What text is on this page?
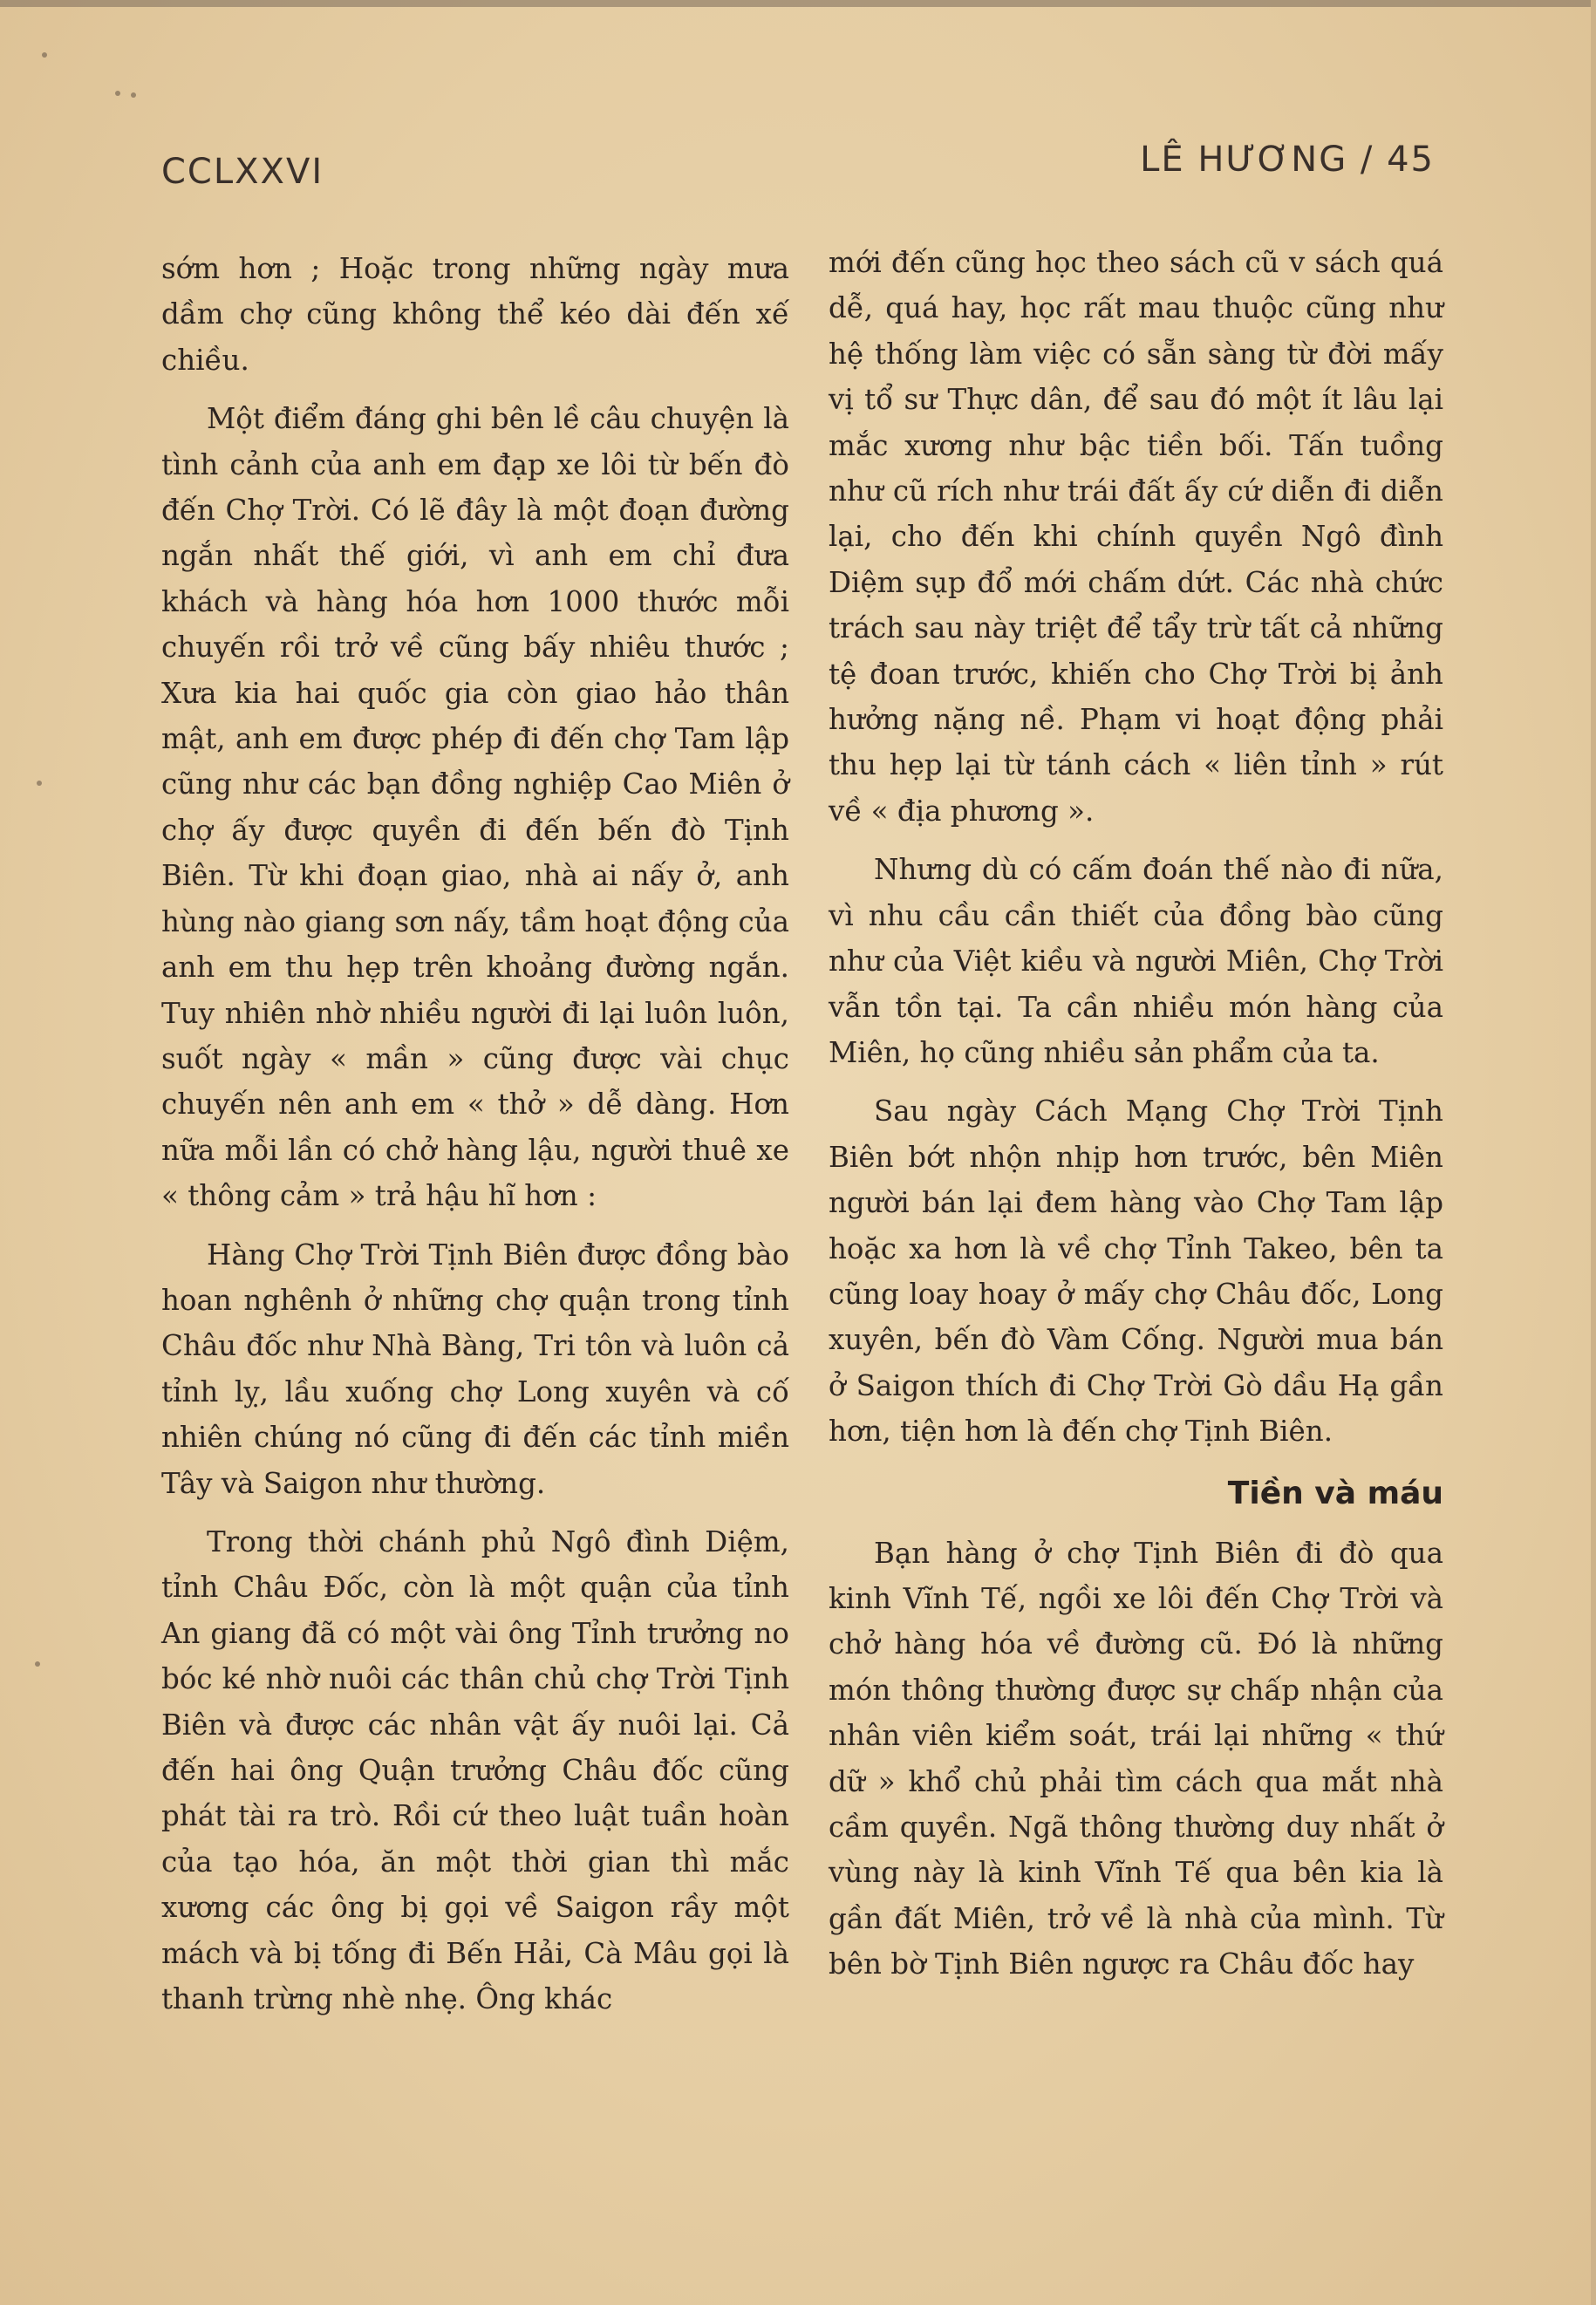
CCLXXVI	LÊ HƯƠNG / 45

sớm hơn ; Hoặc trong những ngày mưa dầm chợ cũng không thể kéo dài đến xế chiều.

Một điểm đáng ghi bên lề câu chuyện là tình cảnh của anh em đạp xe lôi từ bến đò đến Chợ Trời. Có lẽ đây là một đoạn đường ngắn nhất thế giới, vì anh em chỉ đưa khách và hàng hóa hơn 1000 thước mỗi chuyến rồi trở về cũng bấy nhiêu thước ; Xưa kia hai quốc gia còn giao hảo thân mật, anh em được phép đi đến chợ Tam lập cũng như các bạn đồng nghiệp Cao Miên ở chợ ấy được quyền đi đến bến đò Tịnh Biên. Từ khi đoạn giao, nhà ai nấy ở, anh hùng nào giang sơn nấy, tầm hoạt động của anh em thu hẹp trên khoảng đường ngắn. Tuy nhiên nhờ nhiều người đi lại luôn luôn, suốt ngày « mần » cũng được vài chục chuyến nên anh em « thở » dễ dàng. Hơn nữa mỗi lần có chở hàng lậu, người thuê xe « thông cảm » trả hậu hĩ hơn :

Hàng Chợ Trời Tịnh Biên được đồng bào hoan nghênh ở những chợ quận trong tỉnh Châu đốc như Nhà Bàng, Tri tôn và luôn cả tỉnh lỵ, lầu xuống chợ Long xuyên và cố nhiên chúng nó cũng đi đến các tỉnh miền Tây và Saigon như thường.

Trong thời chánh phủ Ngô đình Diệm, tỉnh Châu Đốc, còn là một quận của tỉnh An giang đã có một vài ông Tỉnh trưởng no bóc ké nhờ nuôi các thân chủ chợ Trời Tịnh Biên và được các nhân vật ấy nuôi lại. Cả đến hai ông Quận trưởng Châu đốc cũng phát tài ra trò. Rồi cứ theo luật tuần hoàn của tạo hóa, ăn một thời gian thì mắc xương các ông bị gọi về Saigon rầy một mách và bị tống đi Bến Hải, Cà Mâu gọi là thanh trừng nhè nhẹ. Ông khác

mới đến cũng học theo sách cũ v sách quá dễ, quá hay, học rất mau thuộc cũng như hệ thống làm việc có sẵn sàng từ đời mấy vị tổ sư Thực dân, để sau đó một ít lâu lại mắc xương như bậc tiền bối. Tấn tuồng như cũ rích như trái đất ấy cứ diễn đi diễn lại, cho đến khi chính quyền Ngô đình Diệm sụp đổ mới chấm dứt. Các nhà chức trách sau này triệt để tẩy trừ tất cả những tệ đoan trước, khiến cho Chợ Trời bị ảnh hưởng nặng nề. Phạm vi hoạt động phải thu hẹp lại từ tánh cách « liên tỉnh » rút về « địa phương ».

Nhưng dù có cấm đoán thế nào đi nữa, vì nhu cầu cần thiết của đồng bào cũng như của Việt kiều và người Miên, Chợ Trời vẫn tồn tại. Ta cần nhiều món hàng của Miên, họ cũng nhiều sản phẩm của ta.

Sau ngày Cách Mạng Chợ Trời Tịnh Biên bớt nhộn nhịp hơn trước, bên Miên người bán lại đem hàng vào Chợ Tam lập hoặc xa hơn là về chợ Tỉnh Takeo, bên ta cũng loay hoay ở mấy chợ Châu đốc, Long xuyên, bến đò Vàm Cống. Người mua bán ở Saigon thích đi Chợ Trời Gò dầu Hạ gần hơn, tiện hơn là đến chợ Tịnh Biên.

Tiền và máu

Bạn hàng ở chợ Tịnh Biên đi đò qua kinh Vĩnh Tế, ngồi xe lôi đến Chợ Trời và chở hàng hóa về đường cũ. Đó là những món thông thường được sự chấp nhận của nhân viên kiểm soát, trái lại những « thứ dữ » khổ chủ phải tìm cách qua mắt nhà cầm quyền. Ngã thông thường duy nhất ở vùng này là kinh Vĩnh Tế qua bên kia là gần đất Miên, trở về là nhà của mình. Từ bên bờ Tịnh Biên ngược ra Châu đốc hay
